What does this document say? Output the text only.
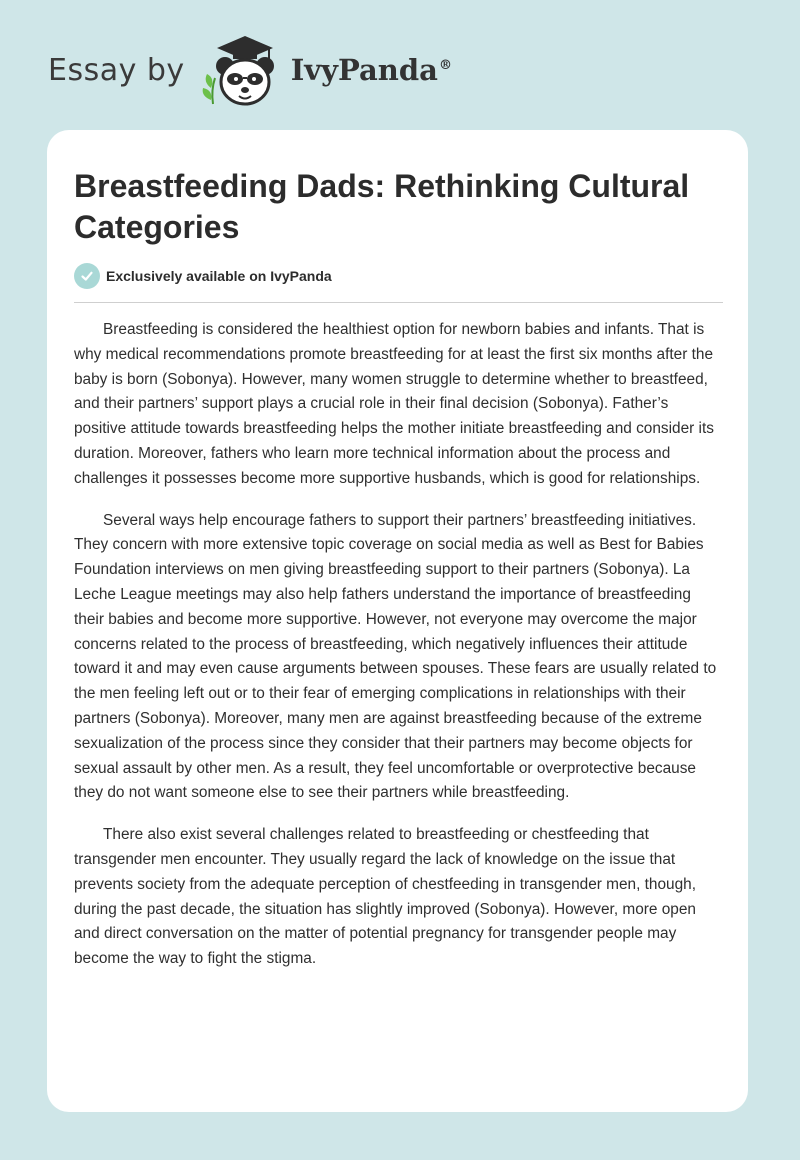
Essay by	IvyPanda®
Breastfeeding Dads: Rethinking Cultural Categories
Exclusively available on IvyPanda

Breastfeeding is considered the healthiest option for newborn babies and infants. That is why medical recommendations promote breastfeeding for at least the first six months after the baby is born (Sobonya). However, many women struggle to determine whether to breastfeed, and their partners’ support plays a crucial role in their final decision (Sobonya). Father’s positive attitude towards breastfeeding helps the mother initiate breastfeeding and consider its duration. Moreover, fathers who learn more technical information about the process and challenges it possesses become more supportive husbands, which is good for relationships.

Several ways help encourage fathers to support their partners’ breastfeeding initiatives. They concern with more extensive topic coverage on social media as well as Best for Babies Foundation interviews on men giving breastfeeding support to their partners (Sobonya). La Leche League meetings may also help fathers understand the importance of breastfeeding their babies and become more supportive. However, not everyone may overcome the major concerns related to the process of breastfeeding, which negatively influences their attitude toward it and may even cause arguments between spouses. These fears are usually related to the men feeling left out or to their fear of emerging complications in relationships with their partners (Sobonya). Moreover, many men are against breastfeeding because of the extreme sexualization of the process since they consider that their partners may become objects for sexual assault by other men. As a result, they feel uncomfortable or overprotective because they do not want someone else to see their partners while breastfeeding.

There also exist several challenges related to breastfeeding or chestfeeding that transgender men encounter. They usually regard the lack of knowledge on the issue that prevents society from the adequate perception of chestfeeding in transgender men, though, during the past decade, the situation has slightly improved (Sobonya). However, more open and direct conversation on the matter of potential pregnancy for transgender people may become the way to fight the stigma.
